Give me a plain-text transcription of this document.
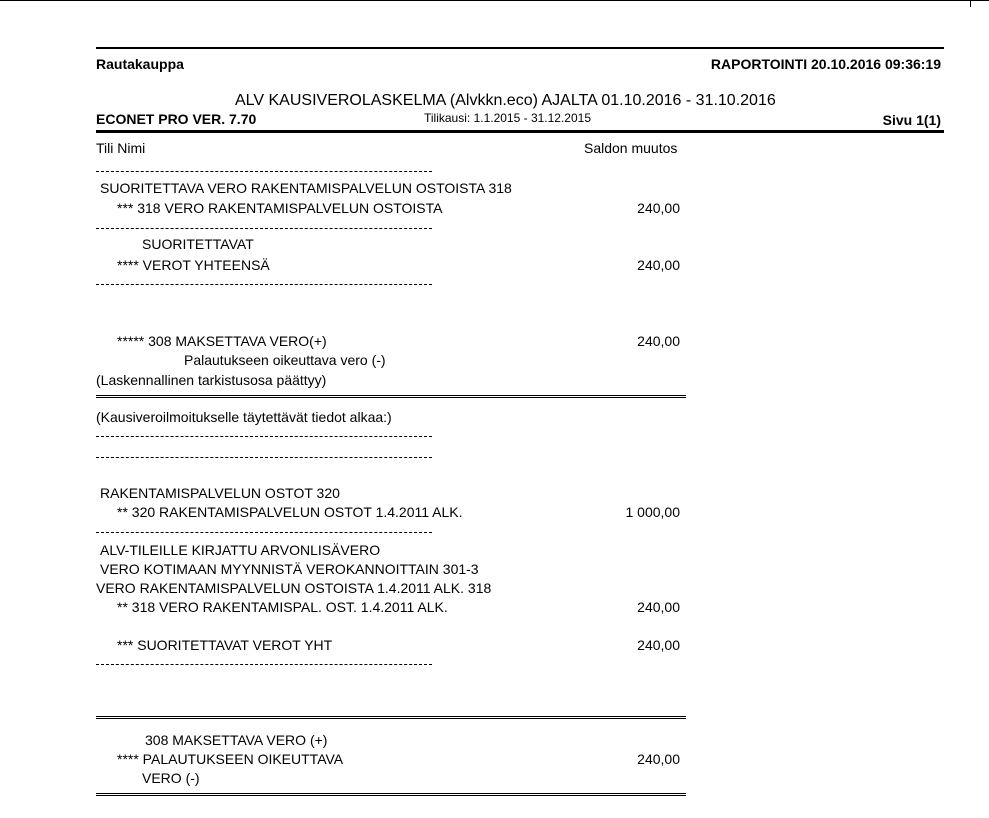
Rautakauppa	RAPORTOINTI 20.10.2016 09:36:19
ALV KAUSIVEROLASKELMA (Alvkkn.eco) AJALTA 01.10.2016 - 31.10.2016
ECONET PRO VER. 7.70	Tilikausi: 1.1.2015 - 31.12.2015	Sivu 1(1)
Tili Nimi	Saldon muutos
SUORITETTAVA VERO RAKENTAMISPALVELUN OSTOISTA 318
*** 318 VERO RAKENTAMISPALVELUN OSTOISTA	240,00
SUORITETTAVAT
**** VEROT YHTEENSÄ	240,00
***** 308 MAKSETTAVA VERO(+)	240,00
Palautukseen oikeuttava vero (-)
(Laskennallinen tarkistusosa päättyy)
(Kausiveroilmoitukselle täytettävät tiedot alkaa:)
RAKENTAMISPALVELUN OSTOT 320
** 320 RAKENTAMISPALVELUN OSTOT 1.4.2011 ALK.	1 000,00
ALV-TILEILLE KIRJATTU ARVONLISÄVERO
VERO KOTIMAAN MYYNNISTÄ VEROKANNOITTAIN 301-3
VERO RAKENTAMISPALVELUN OSTOISTA 1.4.2011 ALK. 318
** 318 VERO RAKENTAMISPAL. OST. 1.4.2011 ALK.	240,00
*** SUORITETTAVAT VEROT YHT	240,00
308 MAKSETTAVA VERO (+)
**** PALAUTUKSEEN OIKEUTTAVA	240,00
VERO (-)
